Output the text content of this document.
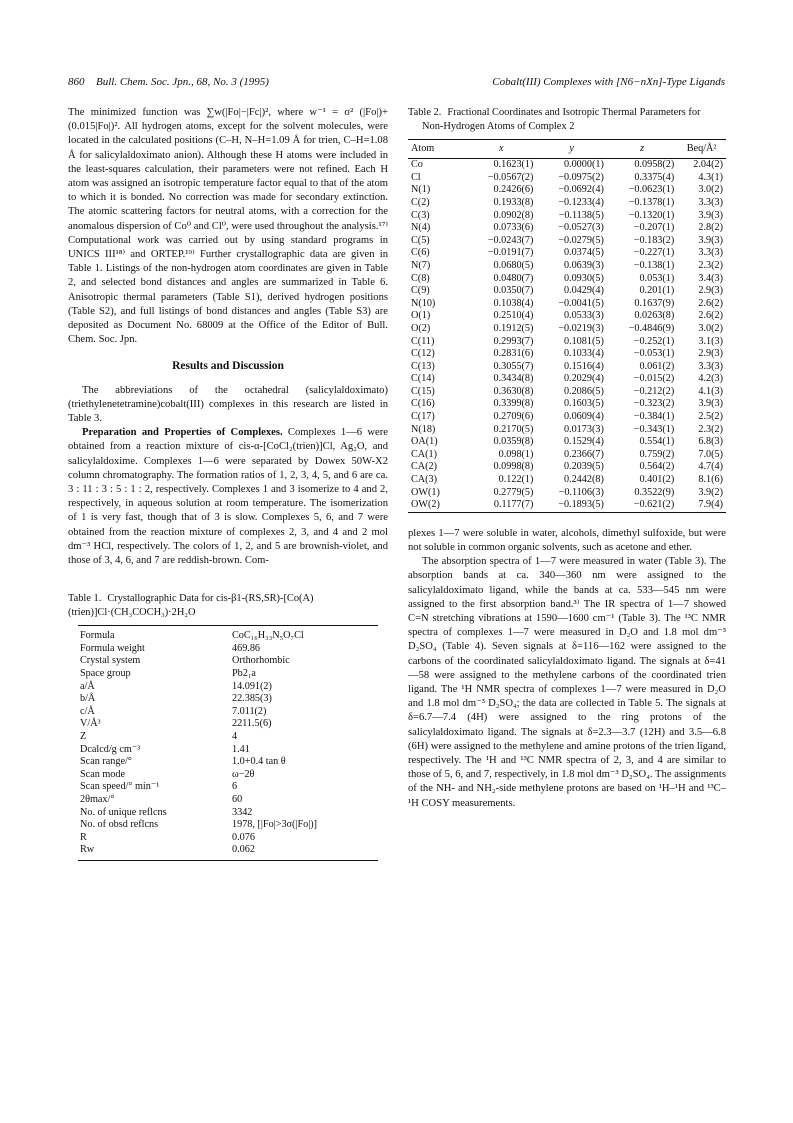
860 Bull. Chem. Soc. Jpn., 68, No. 3 (1995)	Cobalt(III) Complexes with [N6−nXn]-Type Ligands

The minimized function was ∑w(|Fo|−|Fc|)², where w⁻¹ = σ² (|Fo|)+(0.015|Fo|)². All hydrogen atoms, except for the solvent molecules, were located in the calculated positions (C–H, N–H=1.09 Å for trien, C–H=1.08 Å for salicylaldoximato anion). Although these H atoms were included in the least-squares calculation, their parameters were not refined. Each H atom was assigned an isotropic temperature factor equal to that of the atom to which it is bonded. No correction was made for secondary extinction. The atomic scattering factors for neutral atoms, with a correction for the anomalous dispersion of Co⁰ and Cl⁰, were used throughout the analysis.¹⁷⁾ Computational work was carried out by using standard programs in UNICS III¹⁸⁾ and ORTEP.¹⁹⁾ Further crystallographic data are given in Table 1. Listings of the non-hydrogen atom coordinates are given in Table 2, and selected bond distances and angles are summarized in Table 6. Anisotropic thermal parameters (Table S1), derived hydrogen positions (Table S2), and full listings of bond distances and angles (Table S3) are deposited as Document No. 68009 at the Office of the Editor of Bull. Chem. Soc. Jpn.

Results and Discussion

The abbreviations of the octahedral (salicylaldoximato)(triethylenetetramine)cobalt(III) complexes in this research are listed in Table 3.

Preparation and Properties of Complexes. Complexes 1—6 were obtained from a reaction mixture of cis-α-[CoCl₂(trien)]Cl, Ag₂O, and salicylaldoxime. Complexes 1—6 were separated by Dowex 50W-X2 column chromatography. The formation ratios of 1, 2, 3, 4, 5, and 6 are ca. 3 : 11 : 3 : 5 : 1 : 2, respectively. Complexes 1 and 3 isomerize to 4 and 2, respectively, in aqueous solution at room temperature. The isomerization of 1 is very fast, though that of 3 is slow. Complexes 5, 6, and 7 were obtained from the reaction mixture of complexes 2, 3, and 4 and 2 mol dm⁻³ HCl, respectively. The colors of 1, 2, and 5 are brownish-violet, and those of 3, 4, 6, and 7 are reddish-brown. Com-

Table 1. Crystallographic Data for cis-β1-(RS,SR)-[Co(A)(trien)]Cl·(CH₃COCH₃)·2H₂O
Formula	CoC₁₆H₃₃N₅O₇Cl
Formula weight	469.86
Crystal system	Orthorhombic
Space group	Pb2₁a
a/Å	14.091(2)
b/Å	22.385(3)
c/Å	7.011(2)
V/Å³	2211.5(6)
Z	4
Dcalcd/g cm⁻³	1.41
Scan range/°	1.0+0.4 tan θ
Scan mode	ω−2θ
Scan speed/° min⁻¹	6
2θmax/°	60
No. of unique reflcns	3342
No. of obsd reflcns	1978, [|Fo|>3σ(|Fo|)]
R	0.076
Rw	0.062
Table 2. Fractional Coordinates and Isotropic Thermal Parameters for Non-Hydrogen Atoms of Complex 2
Atom	x	y	z	Beq/Å²
Co	0.1623(1)	0.0000(1)	0.0958(2)	2.04(2)
Cl	−0.0567(2)	−0.0975(2)	0.3375(4)	4.3(1)
N(1)	0.2426(6)	−0.0692(4)	−0.0623(1)	3.0(2)
C(2)	0.1933(8)	−0.1233(4)	−0.1378(1)	3.3(3)
C(3)	0.0902(8)	−0.1138(5)	−0.1320(1)	3.9(3)
N(4)	0.0733(6)	−0.0527(3)	−0.207(1)	2.8(2)
C(5)	−0.0243(7)	−0.0279(5)	−0.183(2)	3.9(3)
C(6)	−0.0191(7)	0.0374(5)	−0.227(1)	3.3(3)
N(7)	0.0680(5)	0.0639(3)	−0.138(1)	2.3(2)
C(8)	0.0480(7)	0.0930(5)	0.053(1)	3.4(3)
C(9)	0.0350(7)	0.0429(4)	0.201(1)	2.9(3)
N(10)	0.1038(4)	−0.0041(5)	0.1637(9)	2.6(2)
O(1)	0.2510(4)	0.0533(3)	0.0263(8)	2.6(2)
O(2)	0.1912(5)	−0.0219(3)	−0.4846(9)	3.0(2)
C(11)	0.2993(7)	0.1081(5)	−0.252(1)	3.1(3)
C(12)	0.2831(6)	0.1033(4)	−0.053(1)	2.9(3)
C(13)	0.3055(7)	0.1516(4)	0.061(2)	3.3(3)
C(14)	0.3434(8)	0.2029(4)	−0.015(2)	4.2(3)
C(15)	0.3630(8)	0.2086(5)	−0.212(2)	4.1(3)
C(16)	0.3399(8)	0.1603(5)	−0.323(2)	3.9(3)
C(17)	0.2709(6)	0.0609(4)	−0.384(1)	2.5(2)
N(18)	0.2170(5)	0.0173(3)	−0.343(1)	2.3(2)
OA(1)	0.0359(8)	0.1529(4)	0.554(1)	6.8(3)
CA(1)	0.098(1)	0.2366(7)	0.759(2)	7.0(5)
CA(2)	0.0998(8)	0.2039(5)	0.564(2)	4.7(4)
CA(3)	0.122(1)	0.2442(8)	0.401(2)	8.1(6)
OW(1)	0.2779(5)	−0.1106(3)	0.3522(9)	3.9(2)
OW(2)	0.1177(7)	−0.1893(5)	−0.621(2)	7.9(4)

plexes 1—7 were soluble in water, alcohols, dimethyl sulfoxide, but were not soluble in common organic solvents, such as acetone and ether.

The absorption spectra of 1—7 were measured in water (Table 3). The absorption bands at ca. 340—360 nm were assigned to the salicylaldoximato ligand, while the bands at ca. 533—545 nm were assigned to the first absorption band.³⁾ The IR spectra of 1—7 showed C=N stretching vibrations at 1590—1600 cm⁻¹ (Table 3). The ¹³C NMR spectra of complexes 1—7 were measured in D₂O and 1.8 mol dm⁻³ D₂SO₄ (Table 4). Seven signals at δ=116—162 were assigned to the carbons of the coordinated salicylaldoximato ligand. The signals at δ=41—58 were assigned to the methylene carbons of the coordinated trien ligand. The ¹H NMR spectra of complexes 1—7 were measured in D₂O and 1.8 mol dm⁻³ D₂SO₄; the data are collected in Table 5. The signals at δ=6.7—7.4 (4H) were assigned to the ring protons of the salicylaldoximato ligand. The signals at δ=2.3—3.7 (12H) and 3.5—6.8 (6H) were assigned to the methylene and amine protons of the trien ligand, respectively. The ¹H and ¹³C NMR spectra of 2, 3, and 4 are similar to those of 5, 6, and 7, respectively, in 1.8 mol dm⁻³ D₂SO₄. The assignments of the NH- and NH₂-side methylene protons are based on ¹H–¹H and ¹³C–¹H COSY measurements.
